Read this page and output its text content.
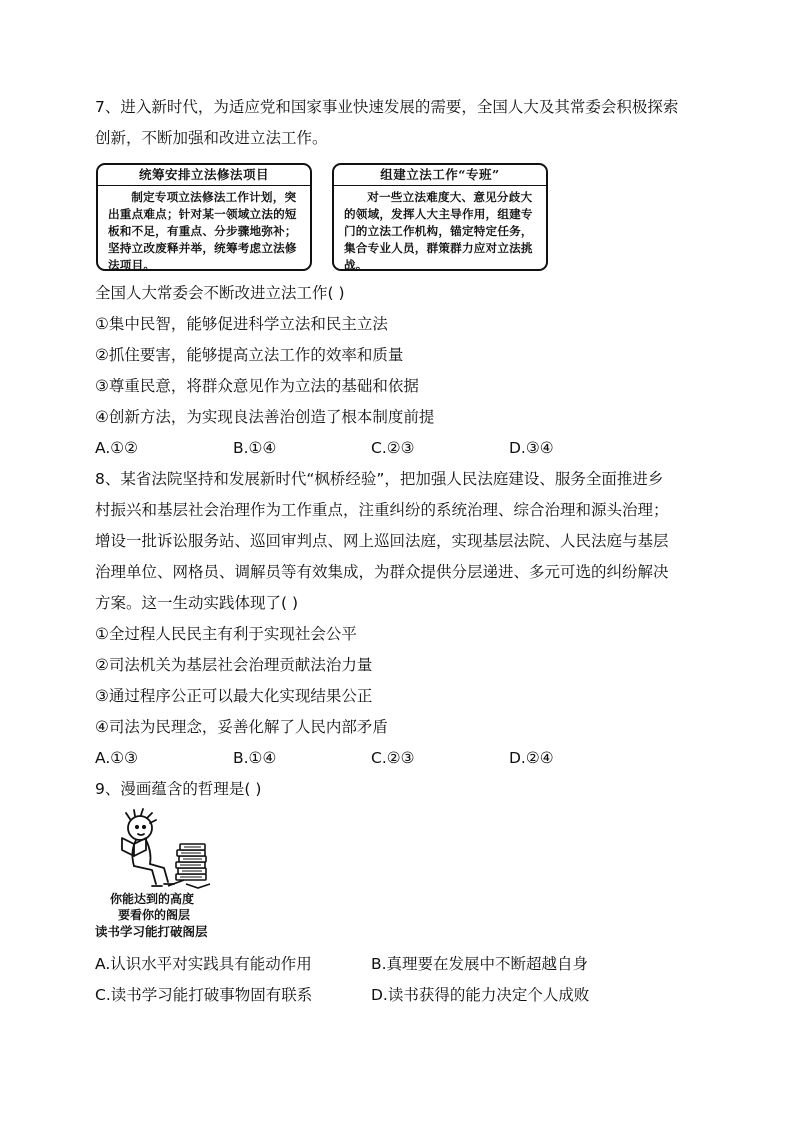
7、进入新时代，为适应党和国家事业快速发展的需要，全国人大及其常委会积极探索
创新，不断加强和改进立法工作。
统筹安排立法修法项目
制定专项立法修法工作计划，突出重点难点；针对某一领域立法的短板和不足，有重点、分步骤地弥补；坚持立改废释并举，统筹考虑立法修法项目。
组建立法工作“专班”
对一些立法难度大、意见分歧大的领域，发挥人大主导作用，组建专门的立法工作机构，锚定特定任务，集合专业人员，群策群力应对立法挑战。
全国人大常委会不断改进立法工作( )
①集中民智，能够促进科学立法和民主立法
②抓住要害，能够提高立法工作的效率和质量
③尊重民意，将群众意见作为立法的基础和依据
④创新方法，为实现良法善治创造了根本制度前提
A.①②	B.①④	C.②③	D.③④
8、某省法院坚持和发展新时代“枫桥经验”，把加强人民法庭建设、服务全面推进乡
村振兴和基层社会治理作为工作重点，注重纠纷的系统治理、综合治理和源头治理；
增设一批诉讼服务站、巡回审判点、网上巡回法庭，实现基层法院、人民法庭与基层
治理单位、网格员、调解员等有效集成，为群众提供分层递进、多元可选的纠纷解决
方案。这一生动实践体现了( )
①全过程人民民主有利于实现社会公平
②司法机关为基层社会治理贡献法治力量
③通过程序公正可以最大化实现结果公正
④司法为民理念，妥善化解了人民内部矛盾
A.①③	B.①④	C.②③	D.②④
9、漫画蕴含的哲理是( )
你能达到的高度
要看你的阁层
读书学习能打破阁层
A.认识水平对实践具有能动作用	B.真理要在发展中不断超越自身
C.读书学习能打破事物固有联系	D.读书获得的能力决定个人成败
